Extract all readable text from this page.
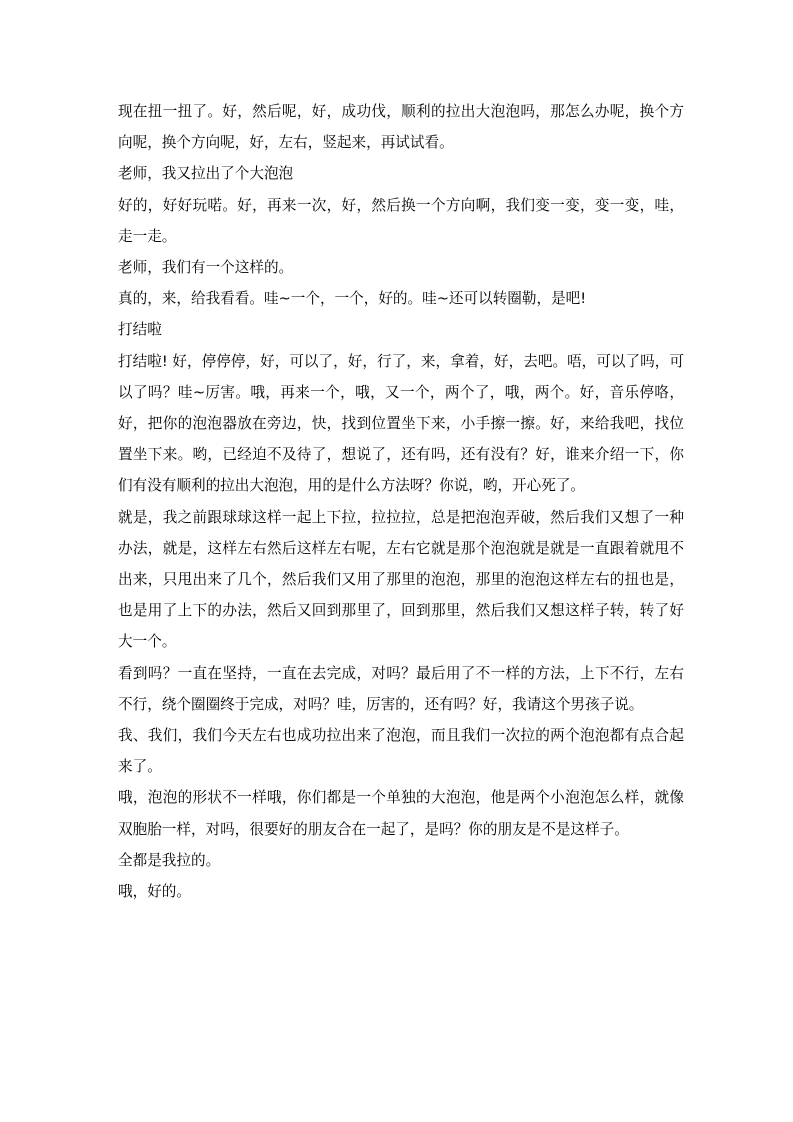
现在扭一扭了。好，然后呢，好，成功伐，顺利的拉出大泡泡吗，那怎么办呢，换个方向呢，换个方向呢，好，左右，竖起来，再试试看。

老师，我又拉出了个大泡泡

好的，好好玩喏。好，再来一次，好，然后换一个方向啊，我们变一变，变一变，哇，走一走。

老师，我们有一个这样的。

真的，来，给我看看。哇~一个，一个，好的。哇~还可以转圈勒，是吧!

打结啦

打结啦! 好，停停停，好，可以了，好，行了，来，拿着，好，去吧。唔，可以了吗，可以了吗？哇~厉害。哦，再来一个，哦，又一个，两个了，哦，两个。好，音乐停咯，好，把你的泡泡器放在旁边，快，找到位置坐下来，小手擦一擦。好，来给我吧，找位置坐下来。哟，已经迫不及待了，想说了，还有吗，还有没有？好，谁来介绍一下，你们有没有顺利的拉出大泡泡，用的是什么方法呀？你说，哟，开心死了。

就是，我之前跟球球这样一起上下拉，拉拉拉，总是把泡泡弄破，然后我们又想了一种办法，就是，这样左右然后这样左右呢，左右它就是那个泡泡就是就是一直跟着就甩不出来，只甩出来了几个，然后我们又用了那里的泡泡，那里的泡泡这样左右的扭也是，也是用了上下的办法，然后又回到那里了，回到那里，然后我们又想这样子转，转了好大一个。

看到吗？一直在坚持，一直在去完成，对吗？最后用了不一样的方法，上下不行，左右不行，绕个圈圈终于完成，对吗？哇，厉害的，还有吗？好，我请这个男孩子说。

我、我们，我们今天左右也成功拉出来了泡泡，而且我们一次拉的两个泡泡都有点合起来了。

哦，泡泡的形状不一样哦，你们都是一个单独的大泡泡，他是两个小泡泡怎么样，就像双胞胎一样，对吗，很要好的朋友合在一起了，是吗？你的朋友是不是这样子。

全都是我拉的。

哦，好的。
